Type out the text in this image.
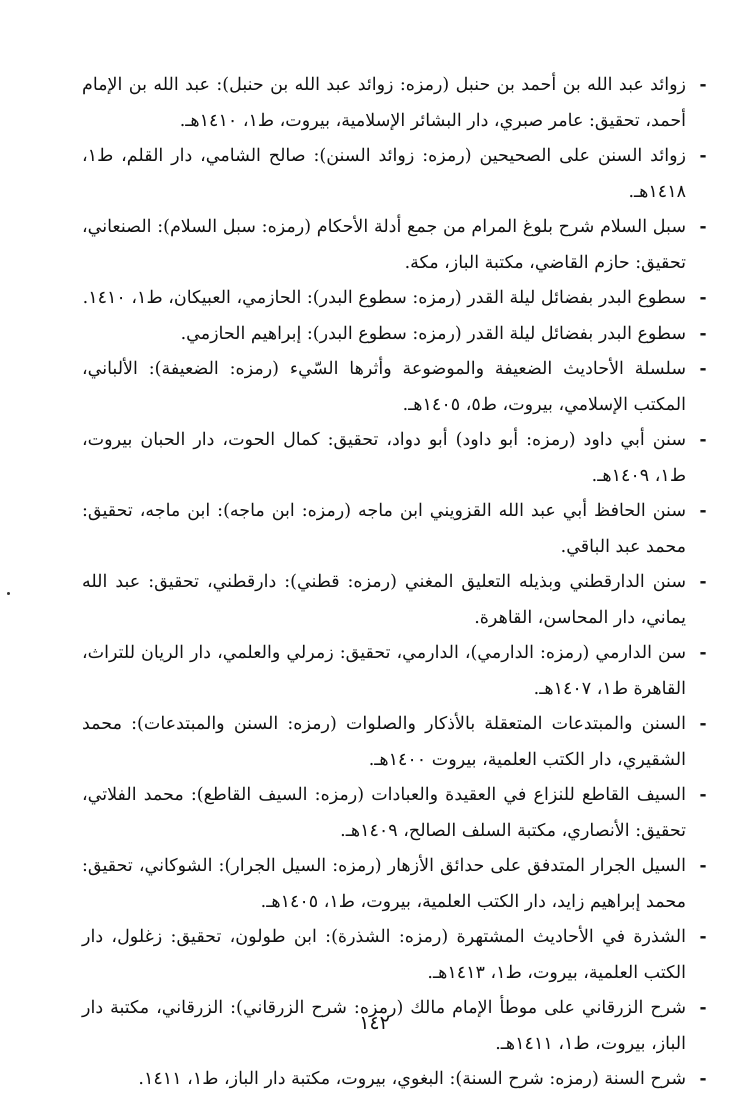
-
زوائد عبد الله بن أحمد بن حنبل (رمزه: زوائد عبد الله بن حنبل): عبد الله بن الإمام أحمد، تحقيق: عامر صبري، دار البشائر الإسلامية، بيروت، ط١، ١٤١٠هـ.
-
زوائد السنن على الصحيحين (رمزه: زوائد السنن): صالح الشامي، دار القلم، ط١، ١٤١٨هـ.
-
سبل السلام شرح بلوغ المرام من جمع أدلة الأحكام (رمزه: سبل السلام): الصنعاني، تحقيق: حازم القاضي، مكتبة الباز، مكة.
-
سطوع البدر بفضائل ليلة القدر (رمزه: سطوع البدر): الحازمي، العبيكان، ط١، ١٤١٠.
-
سطوع البدر بفضائل ليلة القدر (رمزه: سطوع البدر): إبراهيم الحازمي.
-
سلسلة الأحاديث الضعيفة والموضوعة وأثرها السّيء (رمزه: الضعيفة): الألباني، المكتب الإسلامي، بيروت، ط٥، ١٤٠٥هـ.
-
سنن أبي داود (رمزه: أبو داود) أبو دواد، تحقيق: كمال الحوت، دار الحبان بيروت، ط١، ١٤٠٩هـ.
-
سنن الحافظ أبي عبد الله القزويني ابن ماجه (رمزه: ابن ماجه): ابن ماجه، تحقيق: محمد عبد الباقي.
-
سنن الدارقطني وبذيله التعليق المغني (رمزه: قطني): دارقطني، تحقيق: عبد الله يماني، دار المحاسن، القاهرة.
-
سن الدارمي (رمزه: الدارمي)، الدارمي، تحقيق: زمرلي والعلمي، دار الريان للتراث، القاهرة ط١، ١٤٠٧هـ.
-
السنن والمبتدعات المتعقلة بالأذكار والصلوات (رمزه: السنن والمبتدعات): محمد الشقيري، دار الكتب العلمية، بيروت ١٤٠٠هـ.
-
السيف القاطع للنزاع في العقيدة والعبادات (رمزه: السيف القاطع): محمد الفلاتي، تحقيق: الأنصاري، مكتبة السلف الصالح، ١٤٠٩هـ.
-
السيل الجرار المتدفق على حدائق الأزهار (رمزه: السيل الجرار): الشوكاني، تحقيق: محمد إبراهيم زايد، دار الكتب العلمية، بيروت، ط١، ١٤٠٥هـ.
-
الشذرة في الأحاديث المشتهرة (رمزه: الشذرة): ابن طولون، تحقيق: زغلول، دار الكتب العلمية، بيروت، ط١، ١٤١٣هـ.
-
شرح الزرقاني على موطأ الإمام مالك (رمزه: شرح الزرقاني): الزرقاني، مكتبة دار الباز، بيروت، ط١، ١٤١١هـ.
-
شرح السنة (رمزه: شرح السنة): البغوي، بيروت، مكتبة دار الباز، ط١، ١٤١١.
١٤٢
